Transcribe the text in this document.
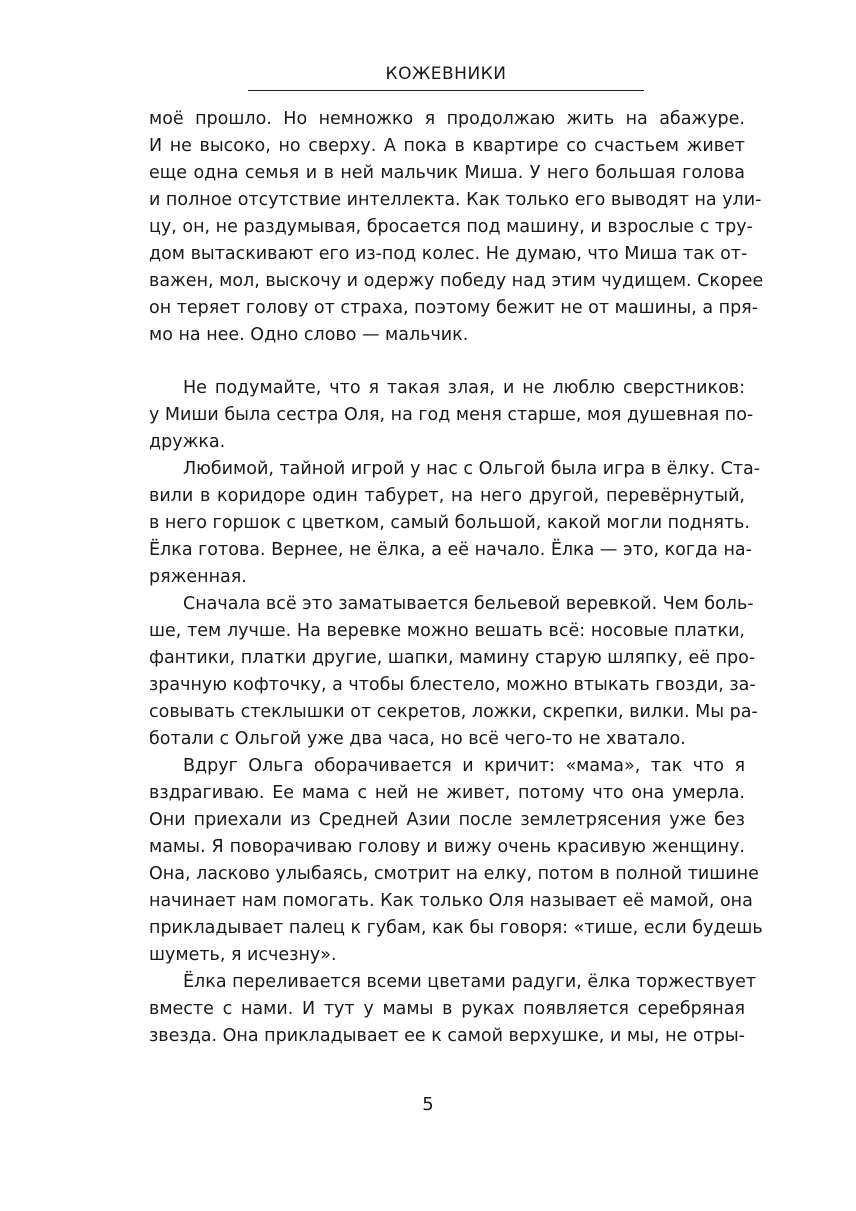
КОЖЕВНИКИ
моё прошло. Но немножко я продолжаю жить на абажуре.
И не высоко, но сверху. А пока в квартире со счастьем живет
еще одна семья и в ней мальчик Миша. У него большая голова
и полное отсутствие интеллекта. Как только его выводят на ули-
цу, он, не раздумывая, бросается под машину, и взрослые с тру-
дом вытаскивают его из-под колес. Не думаю, что Миша так от-
важен, мол, выскочу и одержу победу над этим чудищем. Скорее
он теряет голову от страха, поэтому бежит не от машины, а пря-
мо на нее. Одно слово — мальчик.
Не подумайте, что я такая злая, и не люблю сверстников:
у Миши была сестра Оля, на год меня старше, моя душевная по-
дружка.
Любимой, тайной игрой у нас с Ольгой была игра в ёлку. Ста-
вили в коридоре один табурет, на него другой, перевёрнутый,
в него горшок с цветком, самый большой, какой могли поднять.
Ёлка готова. Вернее, не ёлка, а её начало. Ёлка — это, когда на-
ряженная.
Сначала всё это заматывается бельевой веревкой. Чем боль-
ше, тем лучше. На веревке можно вешать всё: носовые платки,
фантики, платки другие, шапки, мамину старую шляпку, её про-
зрачную кофточку, а чтобы блестело, можно втыкать гвозди, за-
совывать стеклышки от секретов, ложки, скрепки, вилки. Мы ра-
ботали с Ольгой уже два часа, но всё чего-то не хватало.
Вдруг Ольга оборачивается и кричит: «мама», так что я
вздрагиваю. Ее мама с ней не живет, потому что она умерла.
Они приехали из Средней Азии после землетрясения уже без
мамы. Я поворачиваю голову и вижу очень красивую женщину.
Она, ласково улыбаясь, смотрит на елку, потом в полной тишине
начинает нам помогать. Как только Оля называет её мамой, она
прикладывает палец к губам, как бы говоря: «тише, если будешь
шуметь, я исчезну».
Ёлка переливается всеми цветами радуги, ёлка торжествует
вместе с нами. И тут у мамы в руках появляется серебряная
звезда. Она прикладывает ее к самой верхушке, и мы, не отры-
5
